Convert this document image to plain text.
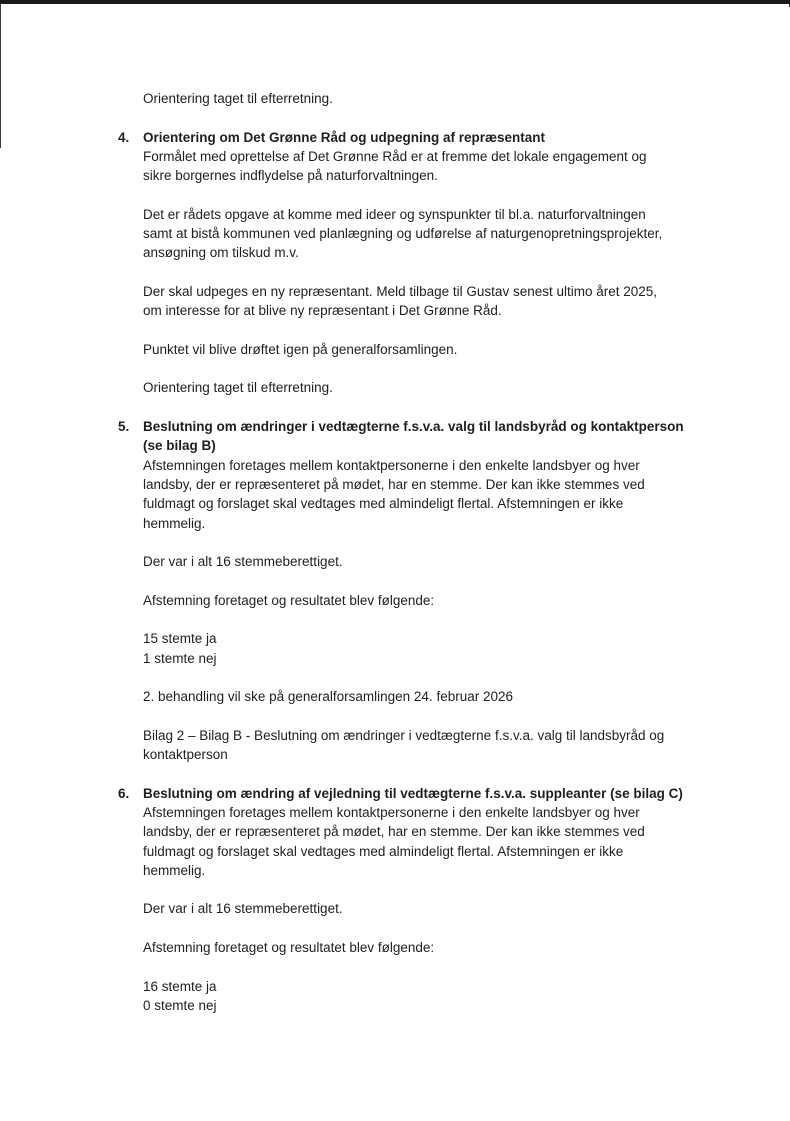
Orientering taget til efterretning.
4.	Orientering om Det Grønne Råd og udpegning af repræsentant
Formålet med oprettelse af Det Grønne Råd er at fremme det lokale engagement og
sikre borgernes indflydelse på naturforvaltningen.
Det er rådets opgave at komme med ideer og synspunkter til bl.a. naturforvaltningen
samt at bistå kommunen ved planlægning og udførelse af naturgenopretningsprojekter,
ansøgning om tilskud m.v.
Der skal udpeges en ny repræsentant. Meld tilbage til Gustav senest ultimo året 2025,
om interesse for at blive ny repræsentant i Det Grønne Råd.
Punktet vil blive drøftet igen på generalforsamlingen.
Orientering taget til efterretning.
5.	Beslutning om ændringer i vedtægterne f.s.v.a. valg til landsbyråd og kontaktperson
(se bilag B)
Afstemningen foretages mellem kontaktpersonerne i den enkelte landsbyer og hver
landsby, der er repræsenteret på mødet, har en stemme. Der kan ikke stemmes ved
fuldmagt og forslaget skal vedtages med almindeligt flertal. Afstemningen er ikke
hemmelig.
Der var i alt 16 stemmeberettiget.
Afstemning foretaget og resultatet blev følgende:
15 stemte ja
1 stemte nej
2. behandling vil ske på generalforsamlingen 24. februar 2026
Bilag 2 – Bilag B - Beslutning om ændringer i vedtægterne f.s.v.a. valg til landsbyråd og
kontaktperson
6.	Beslutning om ændring af vejledning til vedtægterne f.s.v.a. suppleanter (se bilag C)
Afstemningen foretages mellem kontaktpersonerne i den enkelte landsbyer og hver
landsby, der er repræsenteret på mødet, har en stemme. Der kan ikke stemmes ved
fuldmagt og forslaget skal vedtages med almindeligt flertal. Afstemningen er ikke
hemmelig.
Der var i alt 16 stemmeberettiget.
Afstemning foretaget og resultatet blev følgende:
16 stemte ja
0 stemte nej
